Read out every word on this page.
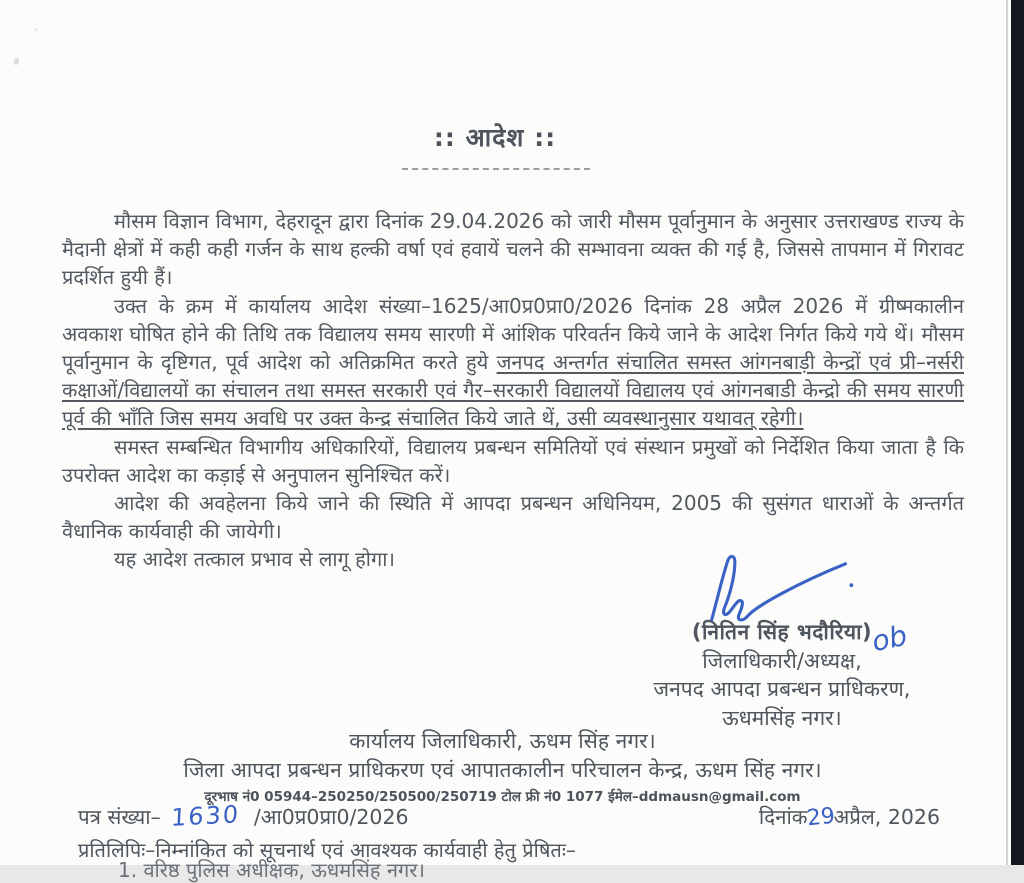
:: आदेश ::

मौसम विज्ञान विभाग, देहरादून द्वारा दिनांक 29.04.2026 को जारी मौसम पूर्वानुमान के अनुसार उत्तराखण्ड राज्य के मैदानी क्षेत्रों में कही कही गर्जन के साथ हल्की वर्षा एवं हवायें चलने की सम्भावना व्यक्त की गई है, जिससे तापमान में गिरावट प्रदर्शित हुयी हैं।

उक्त के क्रम में कार्यालय आदेश संख्या–1625/आ0प्र0प्रा0/2026 दिनांक 28 अप्रैल 2026 में ग्रीष्मकालीन अवकाश घोषित होने की तिथि तक विद्यालय समय सारणी में आंशिक परिवर्तन किये जाने के आदेश निर्गत किये गये थें। मौसम पूर्वानुमान के दृष्टिगत, पूर्व आदेश को अतिक्रमित करते हुये जनपद अन्तर्गत संचालित समस्त आंगनबाड़ी केन्द्रों एवं प्री–नर्सरी कक्षाओं/विद्यालयों का संचालन तथा समस्त सरकारी एवं गैर–सरकारी विद्यालयों विद्यालय एवं आंगनबाडी केन्द्रो की समय सारणी पूर्व की भाँति जिस समय अवधि पर उक्त केन्द्र संचालित किये जाते थें, उसी व्यवस्थानुसार यथावत् रहेगी।

समस्त सम्बन्धित विभागीय अधिकारियों, विद्यालय प्रबन्धन समितियों एवं संस्थान प्रमुखों को निर्देशित किया जाता है कि उपरोक्त आदेश का कड़ाई से अनुपालन सुनिश्चित करें।

आदेश की अवहेलना किये जाने की स्थिति में आपदा प्रबन्धन अधिनियम, 2005 की सुसंगत धाराओं के अन्तर्गत वैधानिक कार्यवाही की जायेगी।

यह आदेश तत्काल प्रभाव से लागू होगा।

ob
(नितिन सिंह भदौरिया)
जिलाधिकारी/अध्यक्ष,
जनपद आपदा प्रबन्धन प्राधिकरण,
ऊधमसिंह नगर।
कार्यालय जिलाधिकारी, ऊधम सिंह नगर।
जिला आपदा प्रबन्धन प्राधिकरण एवं आपातकालीन परिचालन केन्द्र, ऊधम सिंह नगर।
दूरभाष नं0 05944–250250/250500/250719 टोल फ्री नं0 1077 ईमेल–ddmausn@gmail.com
पत्र संख्या– 1630 /आ0प्र0प्रा0/2026	दिनांक29अप्रैल, 2026
प्रतिलिपिः–निम्नांकित को सूचनार्थ एवं आवश्यक कार्यवाही हेतु प्रेषितः–
1. वरिष्ठ पुलिस अधीक्षक, ऊधमसिंह नगर।
